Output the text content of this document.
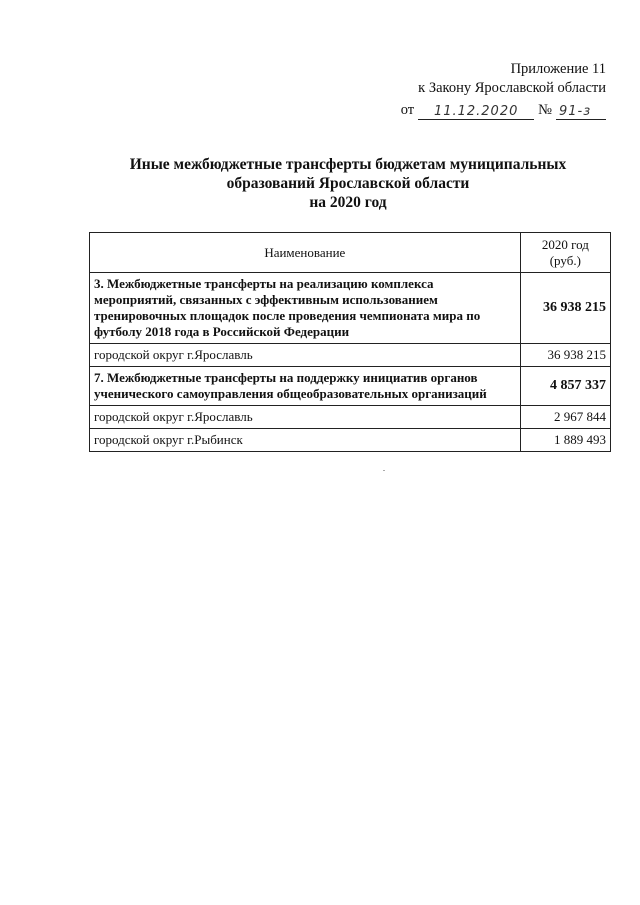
Приложение 11
к Закону Ярославской области
от	11.12.2020	№ 91-з
Иные межбюджетные трансферты бюджетам муниципальных
образований Ярославской области
на 2020 год
Наименование	2020 год
(руб.)
3. Межбюджетные трансферты на реализацию комплекса мероприятий, связанных с эффективным использованием тренировочных площадок после проведения чемпионата мира по футболу 2018 года в Российской Федерации	36 938 215
городской округ г.Ярославль	36 938 215
7. Межбюджетные трансферты на поддержку инициатив органов ученического самоуправления общеобразовательных организаций	4 857 337
городской округ г.Ярославль	2 967 844
городской округ г.Рыбинск	1 889 493
